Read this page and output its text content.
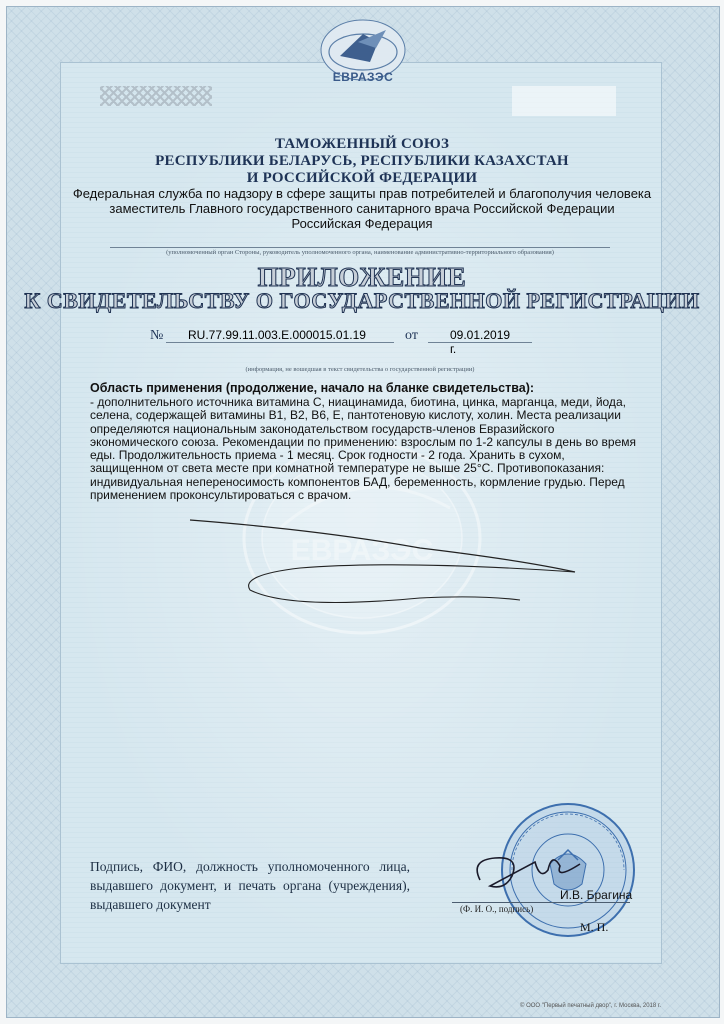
ЕВРАЗЭС
ЕВРАЗЭС
ТАМОЖЕННЫЙ СОЮЗ
РЕСПУБЛИКИ БЕЛАРУСЬ, РЕСПУБЛИКИ КАЗАХСТАН
И РОССИЙСКОЙ ФЕДЕРАЦИИ
Федеральная служба по надзору в сфере защиты прав потребителей и благополучия человека
заместитель Главного государственного санитарного врача Российской Федерации
Российская Федерация
(уполномоченный орган Стороны, руководитель уполномоченного органа, наименование административно-территориального образования)
ПРИЛОЖЕНИЕ
К СВИДЕТЕЛЬСТВУ О ГОСУДАРСТВЕННОЙ РЕГИСТРАЦИИ
№ RU.77.99.11.003.Е.000015.01.19	от	09.01.2019 г.
(информация, не вошедшая в текст свидетельства о государственной регистрации)
Область применения (продолжение, начало на бланке свидетельства):
- дополнительного источника витамина С, ниацинамида, биотина, цинка, марганца, меди, йода,
селена, содержащей витамины В1, В2, В6, Е, пантотеновую кислоту, холин. Места реализации
определяются национальным законодательством государств-членов Евразийского
экономического союза. Рекомендации по применению: взрослым по 1-2 капсулы в день во время
еды. Продолжительность приема - 1 месяц. Срок годности - 2 года. Хранить в сухом,
защищенном от света месте при комнатной температуре не выше 25°С. Противопоказания:
индивидуальная непереносимость компонентов БАД, беременность, кормление грудью. Перед
применением проконсультироваться с врачом.
Подпись, ФИО, должность уполномоченного лица, выдавшего документ, и печать органа (учреждения), выдавшего документ
И.В. Брагина
(Ф. И. О., подпись)
М. П.
© ООО "Первый печатный двор", г. Москва, 2018 г.
